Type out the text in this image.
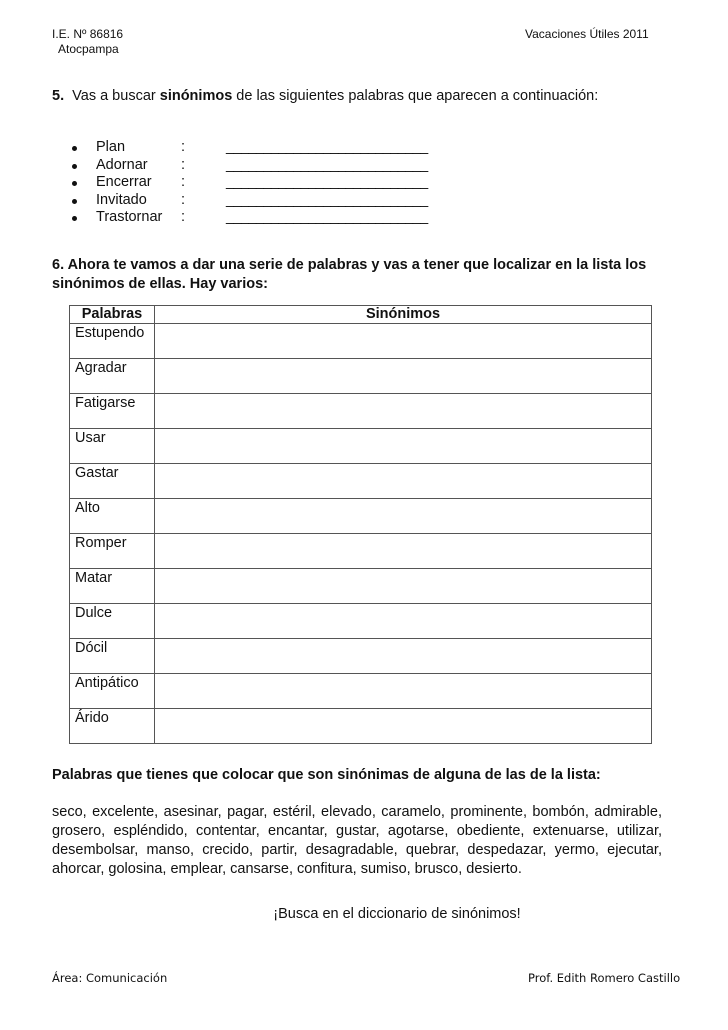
I.E. Nº 86816
Atocpampa
Vacaciones Útiles 2011
5. Vas a buscar sinónimos de las siguientes palabras que aparecen a continuación:
Plan	:	___________________________
Adornar :	___________________________
Encerrar :	___________________________
Invitado :	___________________________
Trastornar :	___________________________
6. Ahora te vamos a dar una serie de palabras y vas a tener que localizar en la lista los sinónimos de ellas. Hay varios:
Palabras	Sinónimos
Estupendo	
Agradar	
Fatigarse	
Usar	
Gastar	
Alto	
Romper	
Matar	
Dulce	
Dócil	
Antipático	
Árido	
Palabras que tienes que colocar que son sinónimas de alguna de las de la lista:
seco, excelente, asesinar, pagar, estéril, elevado, caramelo, prominente, bombón, admirable, grosero, espléndido, contentar, encantar, gustar, agotarse, obediente, extenuarse, utilizar, desembolsar, manso, crecido, partir, desagradable, quebrar, despedazar, yermo, ejecutar, ahorcar, golosina, emplear, cansarse, confitura, sumiso, brusco, desierto.
¡Busca en el diccionario de sinónimos!
Área: Comunicación	Prof. Edith Romero Castillo
